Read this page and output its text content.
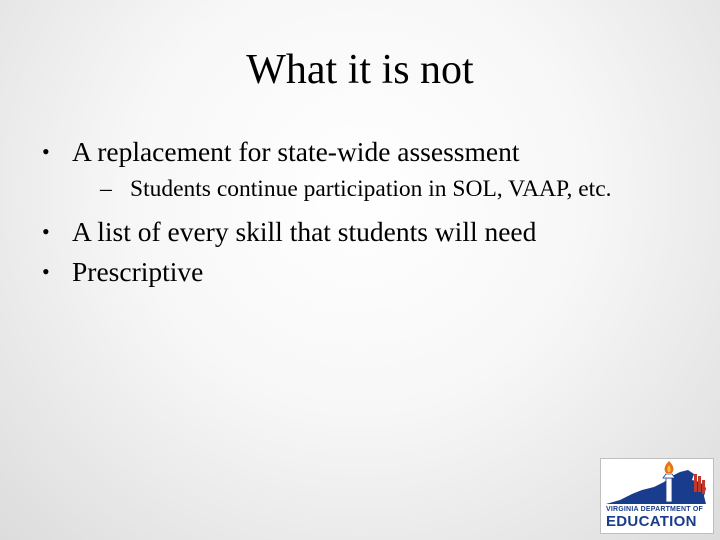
What it is not
• A replacement for state-wide assessment
– Students continue participation in SOL, VAAP, etc.
• A list of every skill that students will need
• Prescriptive
VIRGINIA DEPARTMENT OF
EDUCATION
